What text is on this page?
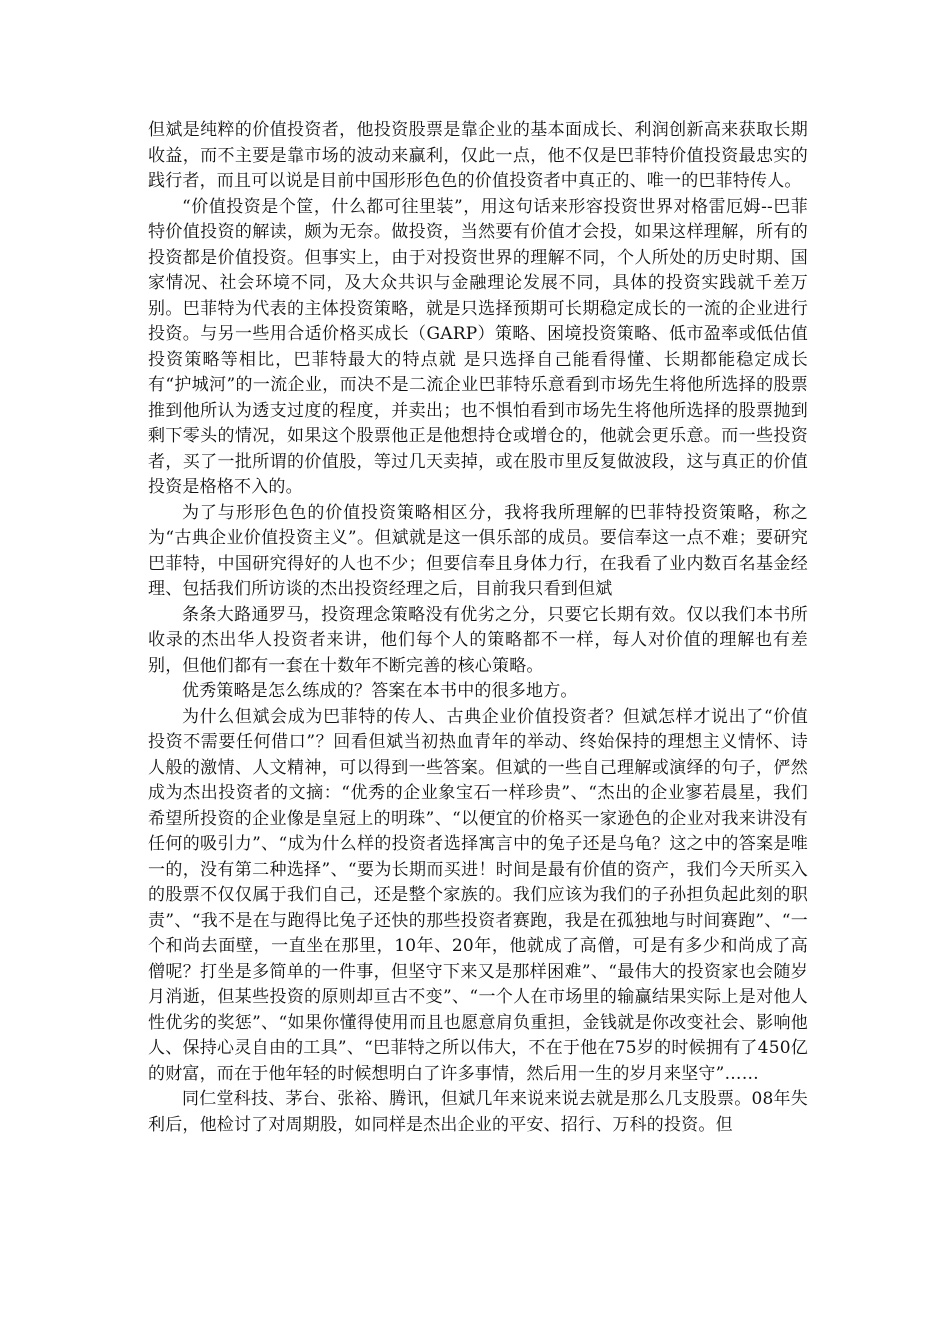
但斌是纯粹的价值投资者，他投资股票是靠企业的基本面成长、利润创新高来获取长期收益，而不主要是靠市场的波动来赢利，仅此一点，他不仅是巴菲特价值投资最忠实的践行者，而且可以说是目前中国形形色色的价值投资者中真正的、唯一的巴菲特传人。

“价值投资是个筐，什么都可往里装”，用这句话来形容投资世界对格雷厄姆--巴菲特价值投资的解读，颇为无奈。做投资，当然要有价值才会投，如果这样理解，所有的投资都是价值投资。但事实上，由于对投资世界的理解不同，个人所处的历史时期、国家情况、社会环境不同，及大众共识与金融理论发展不同，具体的投资实践就千差万别。巴菲特为代表的主体投资策略，就是只选择预期可长期稳定成长的一流的企业进行投资。与另一些用合适价格买成长（GARP）策略、困境投资策略、低市盈率或低估值投资策略等相比，巴菲特最大的特点就 是只选择自己能看得懂、长期都能稳定成长有“护城河”的一流企业，而决不是二流企业巴菲特乐意看到市场先生将他所选择的股票推到他所认为透支过度的程度，并卖出；也不惧怕看到市场先生将他所选择的股票抛到剩下零头的情况，如果这个股票他正是他想持仓或增仓的，他就会更乐意。而一些投资者，买了一批所谓的价值股，等过几天卖掉，或在股市里反复做波段，这与真正的价值投资是格格不入的。

为了与形形色色的价值投资策略相区分，我将我所理解的巴菲特投资策略，称之为“古典企业价值投资主义”。但斌就是这一俱乐部的成员。要信奉这一点不难；要研究巴菲特，中国研究得好的人也不少；但要信奉且身体力行，在我看了业内数百名基金经理、包括我们所访谈的杰出投资经理之后，目前我只看到但斌

条条大路通罗马，投资理念策略没有优劣之分，只要它长期有效。仅以我们本书所收录的杰出华人投资者来讲，他们每个人的策略都不一样，每人对价值的理解也有差别，但他们都有一套在十数年不断完善的核心策略。

优秀策略是怎么练成的？答案在本书中的很多地方。

为什么但斌会成为巴菲特的传人、古典企业价值投资者？但斌怎样才说出了“价值投资不需要任何借口”？回看但斌当初热血青年的举动、终始保持的理想主义情怀、诗人般的激情、人文精神，可以得到一些答案。但斌的一些自己理解或演绎的句子，俨然成为杰出投资者的文摘：“优秀的企业象宝石一样珍贵”、“杰出的企业寥若晨星，我们希望所投资的企业像是皇冠上的明珠”、“以便宜的价格买一家逊色的企业对我来讲没有任何的吸引力”、“成为什么样的投资者选择寓言中的兔子还是乌龟？这之中的答案是唯一的，没有第二种选择”、“要为长期而买进！时间是最有价值的资产，我们今天所买入的股票不仅仅属于我们自己，还是整个家族的。我们应该为我们的子孙担负起此刻的职责”、“我不是在与跑得比兔子还快的那些投资者赛跑，我是在孤独地与时间赛跑”、“一个和尚去面壁，一直坐在那里，10年、20年，他就成了高僧，可是有多少和尚成了高僧呢？打坐是多简单的一件事，但坚守下来又是那样困难”、“最伟大的投资家也会随岁月消逝，但某些投资的原则却亘古不变”、“一个人在市场里的输赢结果实际上是对他人性优劣的奖惩”、“如果你懂得使用而且也愿意肩负重担，金钱就是你改变社会、影响他人、保持心灵自由的工具”、“巴菲特之所以伟大，不在于他在75岁的时候拥有了450亿的财富，而在于他年轻的时候想明白了许多事情，然后用一生的岁月来坚守”……

同仁堂科技、茅台、张裕、腾讯，但斌几年来说来说去就是那么几支股票。08年失利后，他检讨了对周期股，如同样是杰出企业的平安、招行、万科的投资。但
